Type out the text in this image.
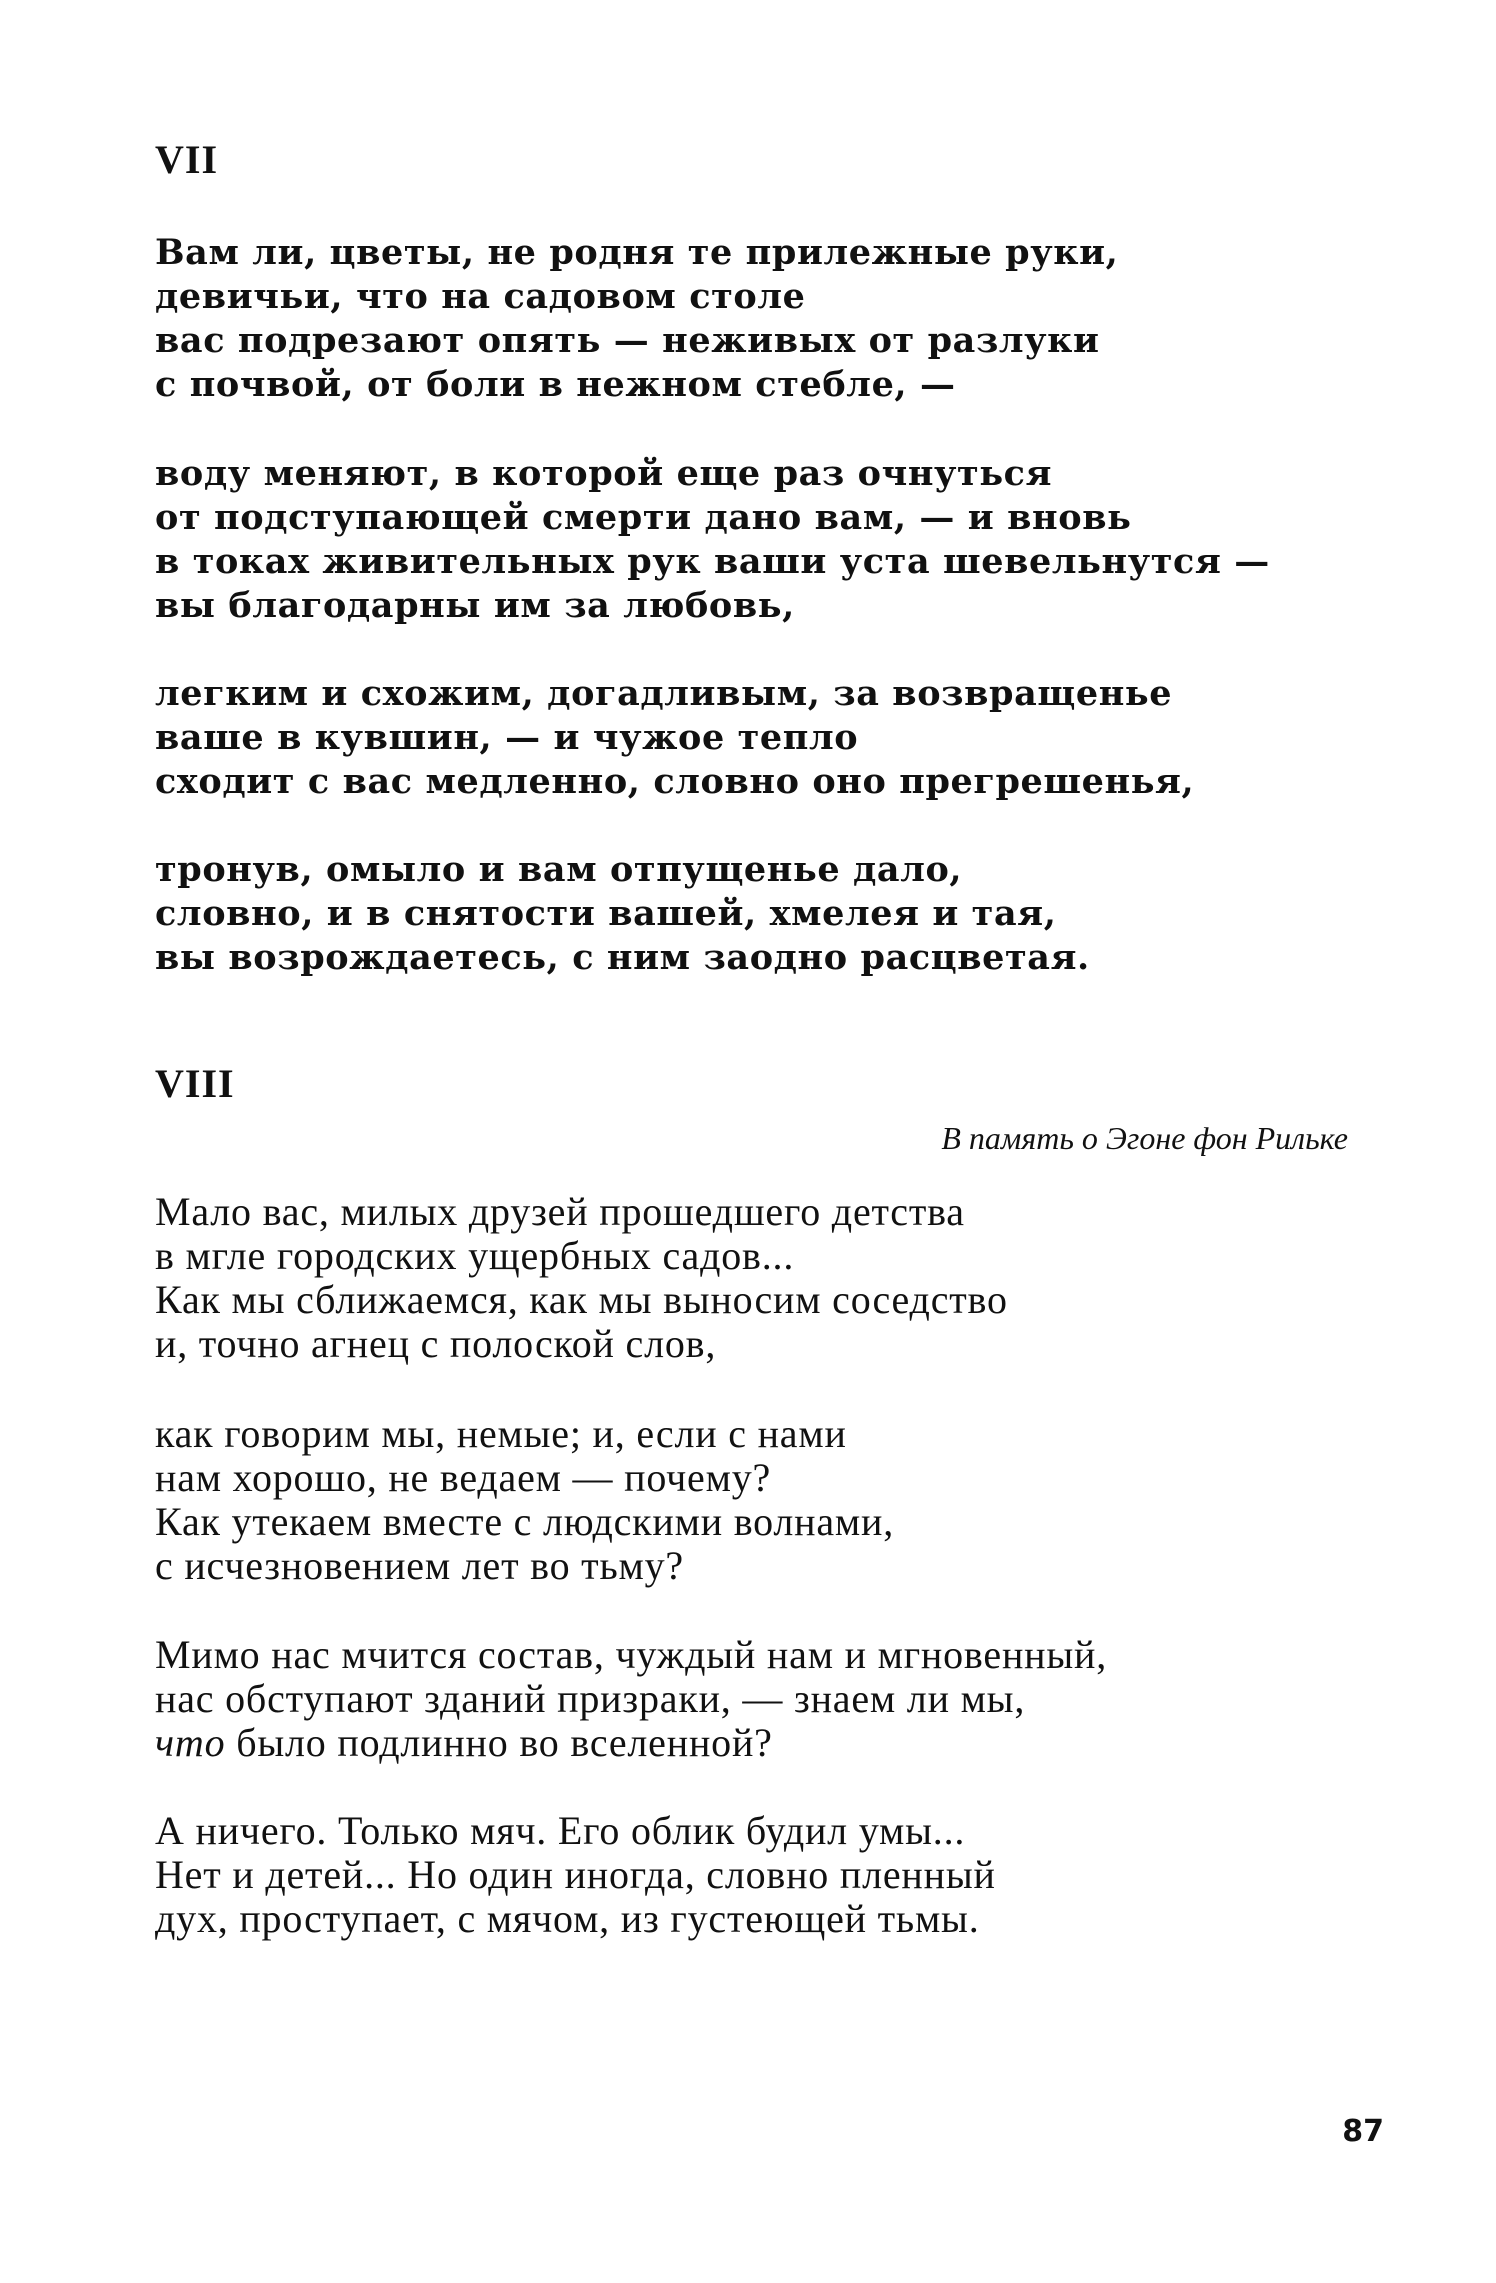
VII
Вам ли, цветы, не родня те прилежные руки,
девичьи, что на садовом столе
вас подрезают опять — неживых от разлуки
с почвой, от боли в нежном стебле, —
воду меняют, в которой еще раз очнуться
от подступающей смерти дано вам, — и вновь
в токах живительных рук ваши уста шевельнутся —
вы благодарны им за любовь,
легким и схожим, догадливым, за возвращенье
ваше в кувшин, — и чужое тепло
сходит с вас медленно, словно оно прегрешенья,
тронув, омыло и вам отпущенье дало,
словно, и в снятости вашей, хмелея и тая,
вы возрождаетесь, с ним заодно расцветая.
VIII

В память о Эгоне фон Рильке

Мало вас, милых друзей прошедшего детства
в мгле городских ущербных садов...
Как мы сближаемся, как мы выносим соседство
и, точно агнец с полоской слов,
как говорим мы, немые; и, если с нами
нам хорошо, не ведаем — почему?
Как утекаем вместе с людскими волнами,
с исчезновением лет во тьму?
Мимо нас мчится состав, чуждый нам и мгновенный,
нас обступают зданий призраки, — знаем ли мы,
что было подлинно во вселенной?
А ничего. Только мяч. Его облик будил умы...
Нет и детей... Но один иногда, словно пленный
дух, проступает, с мячом, из густеющей тьмы.

87
